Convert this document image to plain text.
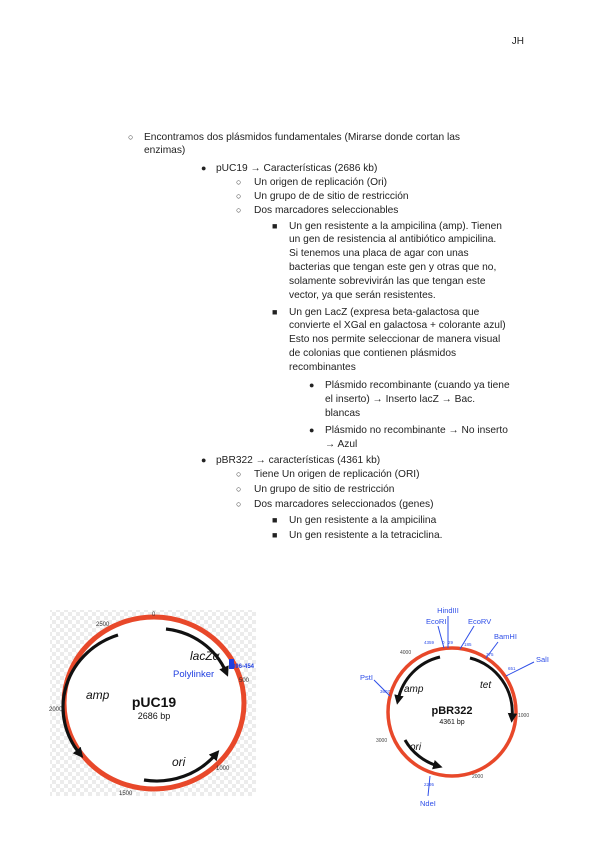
JH
○ Encontramos dos plásmidos fundamentales (Mirarse donde cortan las
enzimas)
● pUC19 → Características (2686 kb)
○ Un origen de replicación (Ori)
○ Un grupo de de sitio de restricción
○ Dos marcadores seleccionables
■ Un gen resistente a la ampicilina (amp). Tienen
un gen de resistencia al antibiótico ampicilina.
Si tenemos una placa de agar con unas
bacterias que tengan este gen y otras que no,
solamente sobrevivirán las que tengan este
vector, ya que serán resistentes.
■ Un gen LacZ (expresa beta-galactosa que
convierte el XGal en galactosa + colorante azul)
Esto nos permite seleccionar de manera visual
de colonias que contienen plásmidos
recombinantes
● Plásmido recombinante (cuando ya tiene
el inserto) → Inserto lacZ → Bac.
blancas
● Plásmido no recombinante → No inserto
→ Azul
● pBR322 → características (4361 kb)
○ Tiene Un origen de replicación (ORI)
○ Un grupo de sitio de restricción
○ Dos marcadores seleccionados (genes)
■ Un gen resistente a la ampicilina
■ Un gen resistente a la tetraciclina.
pUC19
2686 bp
lacZα
Polylinker
396-454
amp
ori
0
500
1000
1500
2000
2500
HindIII
EcoRI
4359 0 29
EcoRV
185
BamHI
375
SalI
651
PstI
3607
NdeI
2295
1000
2000
3000
4000
pBR322
4361 bp
amp	tet
ori
